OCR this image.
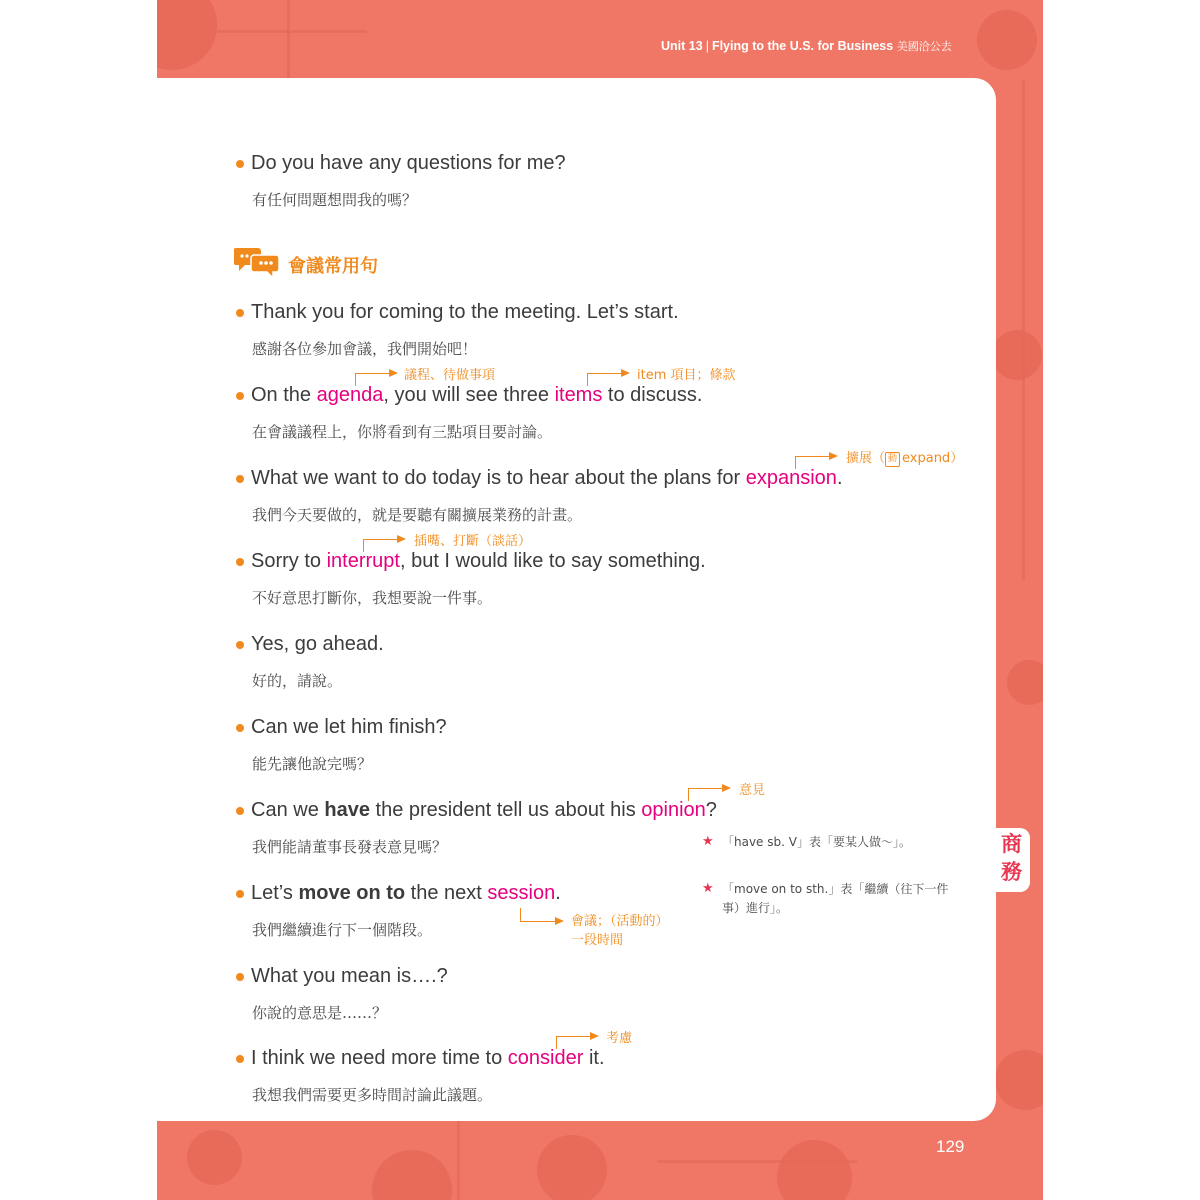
Unit 13 | Flying to the U.S. for Business 美國洽公去
商
務
129
Do you have any questions for me?
有任何問題想問我的嗎？
會議常用句
Thank you for coming to the meeting. Let’s start.
感謝各位參加會議，我們開始吧！
議程、待做事項	item 項目；條款
On the agenda, you will see three items to discuss.
在會議議程上，你將看到有三點項目要討論。
擴展（ 動 expand）
What we want to do today is to hear about the plans for expansion.
我們今天要做的，就是要聽有關擴展業務的計畫。
插嘴、打斷（談話）
Sorry to interrupt, but I would like to say something.
不好意思打斷你，我想要說一件事。
Yes, go ahead.
好的，請說。
Can we let him finish?
能先讓他說完嗎？
意見
Can we have the president tell us about his opinion?
我們能請董事長發表意見嗎？	★ 「have sb. V」表「要某人做～」。
Let’s move on to the next session.
我們繼續進行下一個階段。	會議；（活動的）
一段時間
★ 「move on to sth.」表「繼續（往下一件
事）進行」。
What you mean is….?
你說的意思是……？
考慮
I think we need more time to consider it.
我想我們需要更多時間討論此議題。
